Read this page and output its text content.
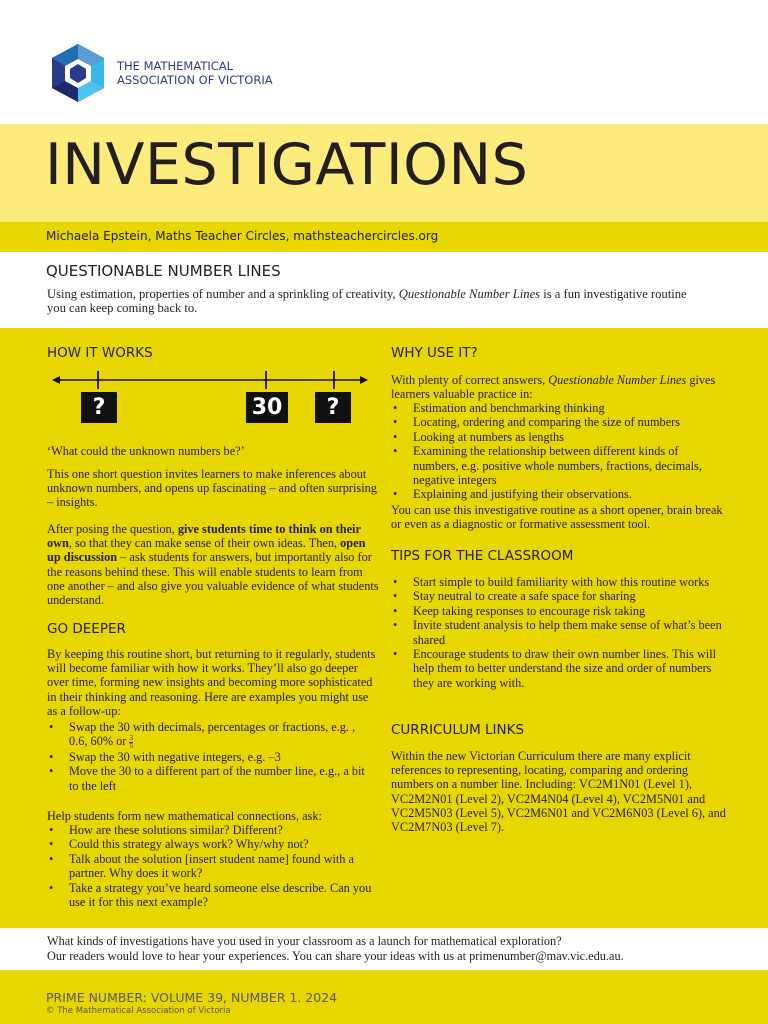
THE MATHEMATICAL
ASSOCIATION OF VICTORIA
INVESTIGATIONS
Michaela Epstein, Maths Teacher Circles, mathsteachercircles.org
QUESTIONABLE NUMBER LINES

Using estimation, properties of number and a sprinkling of creativity, Questionable Number Lines is a fun investigative routine you can keep coming back to.

HOW IT WORKS
?	30	?

‘What could the unknown numbers be?’

This one short question invites learners to make inferences about unknown numbers, and opens up fascinating – and often surprising – insights.

After posing the question, give students time to think on their own, so that they can make sense of their own ideas. Then, open up discussion – ask students for answers, but importantly also for the reasons behind these. This will enable students to learn from one another – and also give you valuable evidence of what students understand.

GO DEEPER

By keeping this routine short, but returning to it regularly, students will become familiar with how it works. They’ll also go deeper over time, forming new insights and becoming more sophisticated in their thinking and reasoning. Here are examples you might use as a follow-up:

• Swap the 30 with decimals, percentages or fractions, e.g. , 0.6, 60% or $\frac{3}{5}$
• Swap the 30 with negative integers, e.g. –3
• Move the 30 to a different part of the number line, e.g., a bit to the left

Help students form new mathematical connections, ask:

• How are these solutions similar? Different?
• Could this strategy always work? Why/why not?
• Talk about the solution [insert student name] found with a partner. Why does it work?
• Take a strategy you’ve heard someone else describe. Can you use it for this next example?
WHY USE IT?

With plenty of correct answers, Questionable Number Lines gives learners valuable practice in:

• Estimation and benchmarking thinking
• Locating, ordering and comparing the size of numbers
• Looking at numbers as lengths
• Examining the relationship between different kinds of numbers, e.g. positive whole numbers, fractions, decimals, negative integers
• Explaining and justifying their observations.

You can use this investigative routine as a short opener, brain break or even as a diagnostic or formative assessment tool.

TIPS FOR THE CLASSROOM
• Start simple to build familiarity with how this routine works
• Stay neutral to create a safe space for sharing
• Keep taking responses to encourage risk taking
• Invite student analysis to help them make sense of what’s been shared
• Encourage students to draw their own number lines. This will help them to better understand the size and order of numbers they are working with.
CURRICULUM LINKS

Within the new Victorian Curriculum there are many explicit references to representing, locating, comparing and ordering numbers on a number line. Including: VC2M1N01 (Level 1), VC2M2N01 (Level 2), VC2M4N04 (Level 4), VC2M5N01 and VC2M5N03 (Level 5), VC2M6N01 and VC2M6N03 (Level 6), and VC2M7N03 (Level 7).

What kinds of investigations have you used in your classroom as a launch for mathematical exploration?
Our readers would love to hear your experiences. You can share your ideas with us at primenumber@mav.vic.edu.au.

PRIME NUMBER: VOLUME 39, NUMBER 1. 2024
© The Mathematical Association of Victoria
